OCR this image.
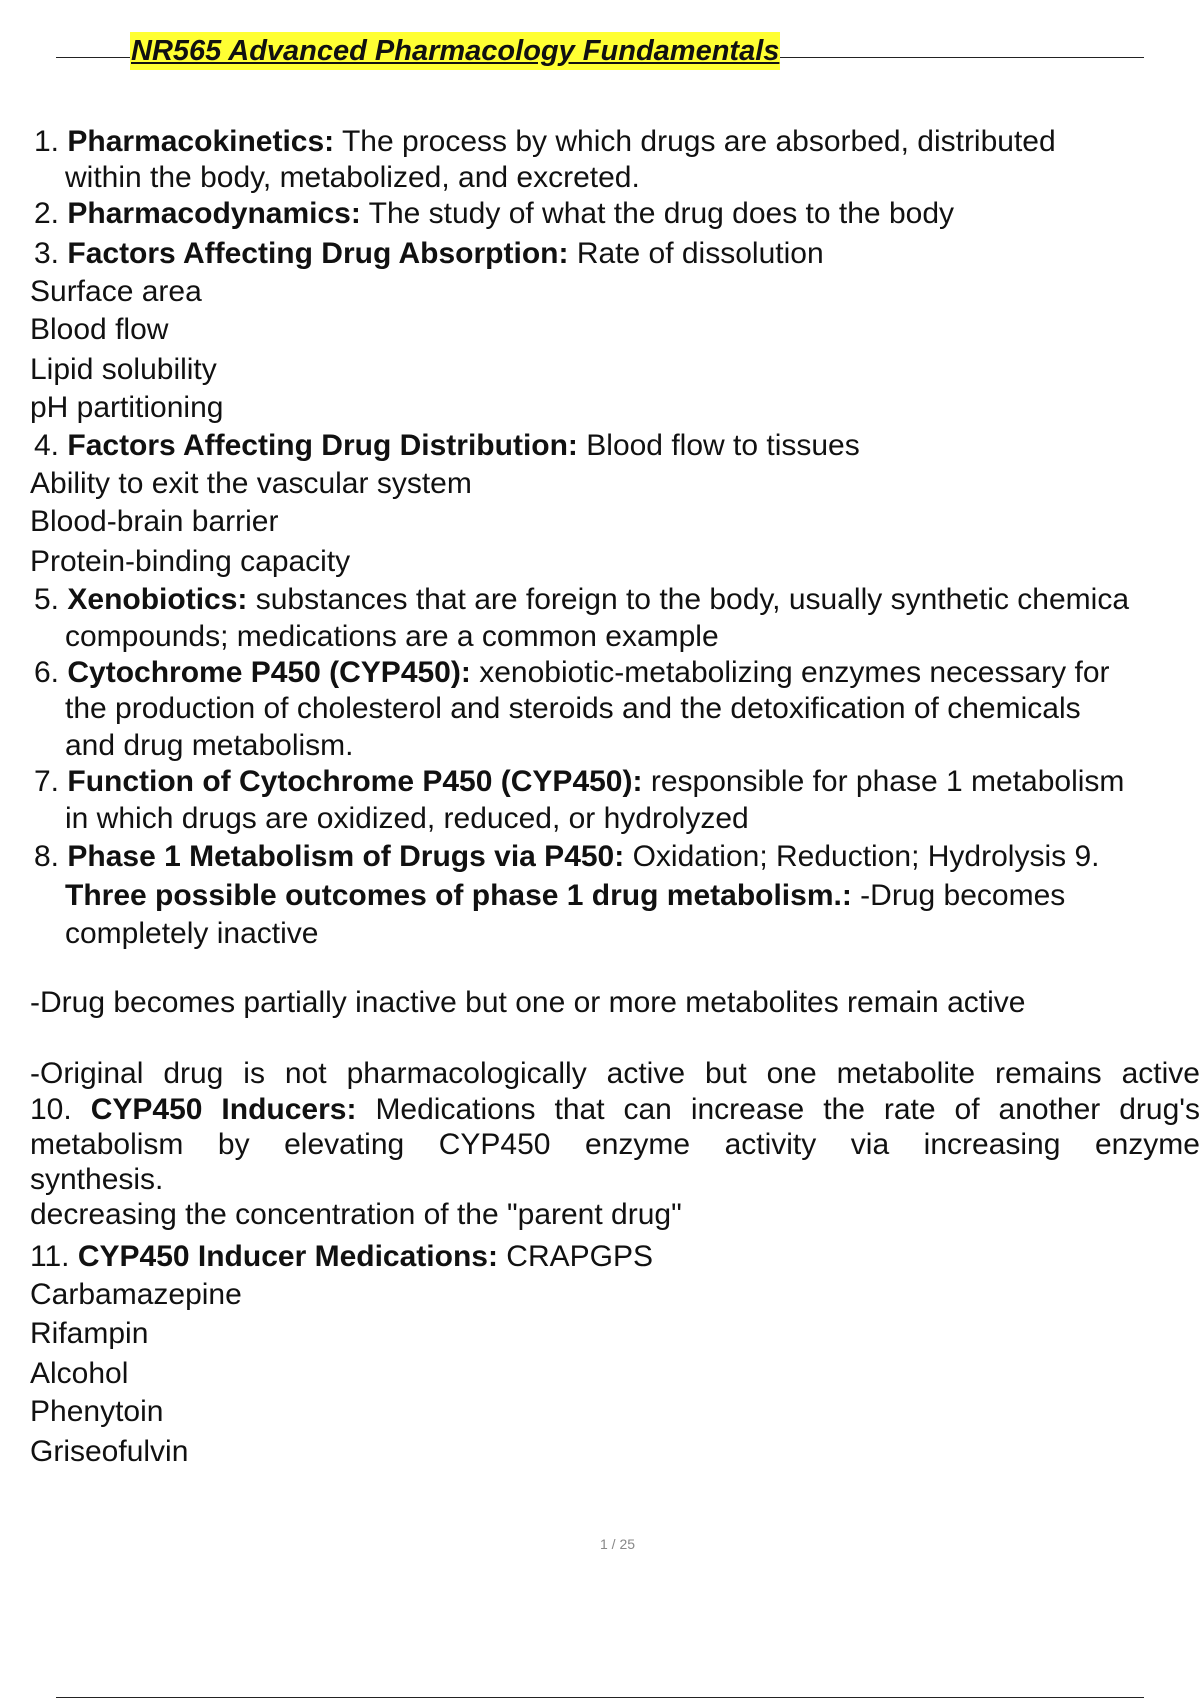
NR565 Advanced Pharmacology Fundamentals
1. Pharmacokinetics: The process by which drugs are absorbed, distributed
within the body, metabolized, and excreted.
2. Pharmacodynamics: The study of what the drug does to the body
3. Factors Affecting Drug Absorption: Rate of dissolution
Surface area
Blood flow
Lipid solubility
pH partitioning
4. Factors Affecting Drug Distribution: Blood flow to tissues
Ability to exit the vascular system
Blood-brain barrier
Protein-binding capacity
5. Xenobiotics: substances that are foreign to the body, usually synthetic chemica
compounds; medications are a common example
6. Cytochrome P450 (CYP450): xenobiotic-metabolizing enzymes necessary for
the production of cholesterol and steroids and the detoxification of chemicals
and drug metabolism.
7. Function of Cytochrome P450 (CYP450): responsible for phase 1 metabolism
in which drugs are oxidized, reduced, or hydrolyzed
8. Phase 1 Metabolism of Drugs via P450: Oxidation; Reduction; Hydrolysis 9.
Three possible outcomes of phase 1 drug metabolism.: -Drug becomes
completely inactive
-Drug becomes partially inactive but one or more metabolites remain active
-Original drug is not pharmacologically active but one metabolite remains active
10. CYP450 Inducers: Medications that can increase the rate of another drug's
metabolism by elevating CYP450 enzyme activity via increasing enzyme
synthesis.
decreasing the concentration of the "parent drug"
11. CYP450 Inducer Medications: CRAPGPS
Carbamazepine
Rifampin
Alcohol
Phenytoin
Griseofulvin
1 / 25
